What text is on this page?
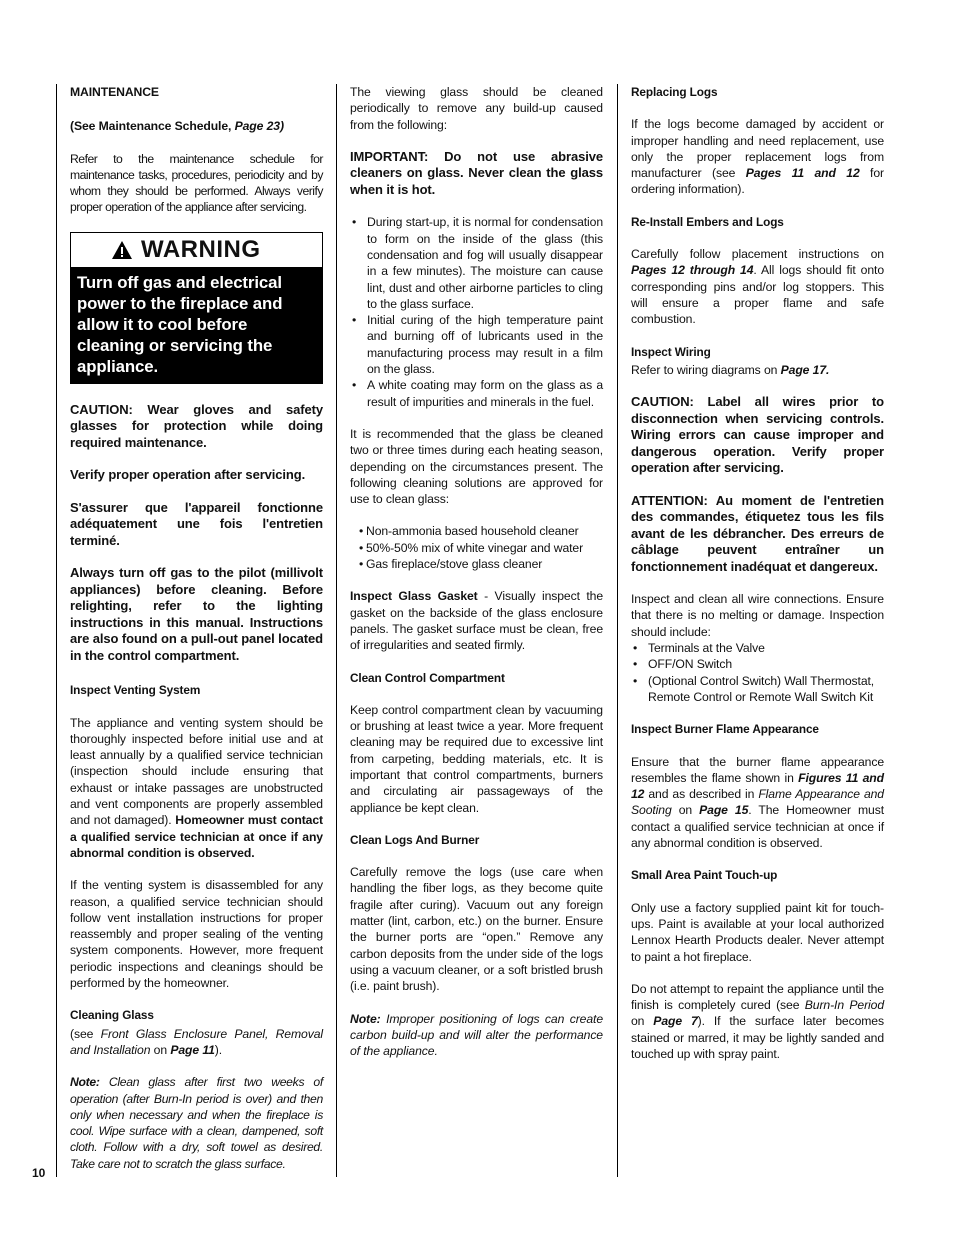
MAINTENANCE
(See Maintenance Schedule, Page 23)

Refer to the maintenance schedule for maintenance tasks, procedures, periodicity and by whom they should be performed. Always verify proper operation of the appliance after servicing.

WARNING
Turn off gas and electrical power to the fireplace and allow it to cool before cleaning or servicing the appliance.

CAUTION: Wear gloves and safety glasses for protection while doing required maintenance.

Verify proper operation after servicing.

S'assurer que l'appareil fonctionne adéquatement une fois l'entretien terminé.

Always turn off gas to the pilot (millivolt appliances) before cleaning. Before relighting, refer to the lighting instructions in this manual. Instructions are also found on a pull-out panel located in the control compartment.

Inspect Venting System

The appliance and venting system should be thoroughly inspected before initial use and at least annually by a qualified service technician (inspection should include ensuring that exhaust or intake passages are unobstructed and vent components are properly assembled and not damaged). Homeowner must contact a qualified service technician at once if any abnormal condition is observed.

If the venting system is disassembled for any reason, a qualified service technician should follow vent installation instructions for proper reassembly and proper sealing of the venting system components. However, more frequent periodic inspections and cleanings should be performed by the homeowner.

Cleaning Glass

(see Front Glass Enclosure Panel, Removal and Installation on Page 11).

Note: Clean glass after first two weeks of operation (after Burn-In period is over) and then only when necessary and when the fireplace is cool. Wipe surface with a clean, dampened, soft cloth. Follow with a dry, soft towel as desired. Take care not to scratch the glass surface.

The viewing glass should be cleaned periodically to remove any build-up caused from the following:

IMPORTANT: Do not use abrasive cleaners on glass. Never clean the glass when it is hot.

• During start-up, it is normal for condensation to form on the inside of the glass (this condensation and fog will usually disappear in a few minutes). The moisture can cause lint, dust and other airborne particles to cling to the glass surface.
• Initial curing of the high temperature paint and burning off of lubricants used in the manufacturing process may result in a film on the glass.
• A white coating may form on the glass as a result of impurities and minerals in the fuel.

It is recommended that the glass be cleaned two or three times during each heating season, depending on the circumstances present. The following cleaning solutions are approved for use to clean glass:

• Non-ammonia based household cleaner
• 50%-50% mix of white vinegar and water
• Gas fireplace/stove glass cleaner

Inspect Glass Gasket - Visually inspect the gasket on the backside of the glass enclosure panels. The gasket surface must be clean, free of irregularities and seated firmly.

Clean Control Compartment

Keep control compartment clean by vacuuming or brushing at least twice a year. More frequent cleaning may be required due to excessive lint from carpeting, bedding materials, etc. It is important that control compartments, burners and circulating air passageways of the appliance be kept clean.

Clean Logs And Burner

Carefully remove the logs (use care when handling the fiber logs, as they become quite fragile after curing). Vacuum out any foreign matter (lint, carbon, etc.) on the burner. Ensure the burner ports are “open.” Remove any carbon deposits from the under side of the logs using a vacuum cleaner, or a soft bristled brush (i.e. paint brush).

Note: Improper positioning of logs can create carbon build-up and will alter the performance of the appliance.

Replacing Logs

If the logs become damaged by accident or improper handling and need replacement, use only the proper replacement logs from manufacturer (see Pages 11 and 12 for ordering information).

Re-Install Embers and Logs

Carefully follow placement instructions on Pages 12 through 14. All logs should fit onto corresponding pins and/or log stoppers. This will ensure a proper flame and safe combustion.

Inspect Wiring

Refer to wiring diagrams on Page 17.

CAUTION: Label all wires prior to disconnection when servicing controls. Wiring errors can cause improper and dangerous operation. Verify proper operation after servicing.

ATTENTION: Au moment de l'entretien des commandes, étiquetez tous les fils avant de les débrancher. Des erreurs de câblage peuvent entraîner un fonctionnement inadéquat et dangereux.

Inspect and clean all wire connections. Ensure that there is no melting or damage. Inspection should include:

• Terminals at the Valve
• OFF/ON Switch
• (Optional Control Switch) Wall Thermostat, Remote Control or Remote Wall Switch Kit
Inspect Burner Flame Appearance

Ensure that the burner flame appearance resembles the flame shown in Figures 11 and 12 and as described in Flame Appearance and Sooting on Page 15. The Homeowner must contact a qualified service technician at once if any abnormal condition is observed.

Small Area Paint Touch-up

Only use a factory supplied paint kit for touch-ups. Paint is available at your local authorized Lennox Hearth Products dealer. Never attempt to paint a hot fireplace.

Do not attempt to repaint the appliance until the finish is completely cured (see Burn-In Period on Page 7). If the surface later becomes stained or marred, it may be lightly sanded and touched up with spray paint.

10
